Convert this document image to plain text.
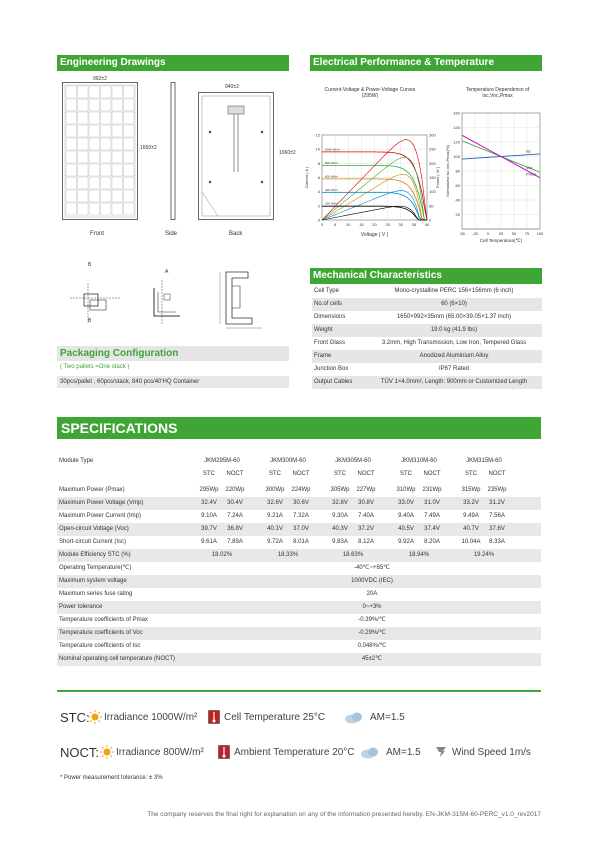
Engineering Drawings
992±2
1650±2
Front	Side
940±2
1060±2
Back
B
B
A
Electrical Performance & Temperature Dependence
Current-Voltage & Power-Voltage Curves (295W)
0	5 10 15 20 25 30 35 40
0
2
4
6
8
10
12
0
50
100
150
200
250
300
1000 W/m²
800 W/m²
600 W/m²
400 W/m²
200 W/m²
Voltage ( V )
Current ( A )	Power ( W )
Temperature Dependence of Isc,Voc,Pmax
-50 -25 0 25 50 75 100
20
40
60
80
100
120
140
160
Isc
Voc
Pmax
Cell Temperature(℃)
Normalized Isc,Voc,Pmax(%)
Mechanical Characteristics
Cell Type	Mono-crystalline PERC 156×156mm (6 inch)
No.of cells	60 (6×10)
Dimensions	1650×992×35mm (65.00×39.05×1.37 inch)
Weight	19.0 kg (41.9 lbs)
Front Glass	3.2mm, High Transmission, Low Iron, Tempered Glass
Frame	Anodized Aluminium Alloy
Junction Box	IP67 Rated
Output Cables	TÜV 1×4.0mm², Length: 900mm or Customized Length
Packaging Configuration
( Two pallets =One stack )
30pcs/pallet , 60pcs/stack, 840 pcs/40'HQ Container
SPECIFICATIONS
Module Type	JKM295M-60	JKM300M-60	JKM305M-60	JKM310M-60	JKM315M-60
STC	NOCT	STC	NOCT	STC	NOCT	STC	NOCT	STC	NOCT
Maximum Power (Pmax)	295Wp	220Wp	300Wp	224Wp	305Wp	227Wp	310Wp	231Wp	315Wp	235Wp
Maximum Power Voltage (Vmp)	32.4V	30.4V	32.6V	30.6V	32.8V	30.8V	33.0V	31.0V	33.2V	31.2V
Maximum Power Current (Imp)	9.10A	7.24A	9.21A	7.32A	9.30A	7.40A	9.40A	7.49A	9.49A	7.56A
Open-circuit Voltage (Voc)	39.7V	36.8V	40.1V	37.0V	40.3V	37.2V	40.5V	37.4V	40.7V	37.6V
Short-circuit Current (Isc)	9.61A	7.89A	9.72A	8.01A	9.83A	8.12A	9.92A	8.20A	10.04A	8.33A
Module Efficiency STC (%)	18.02%	18.33%	18.63%	18.94%	19.24%
Operating Temperature(℃)	-40℃~+85℃
Maximum system voltage	1000VDC (IEC)
Maximum series fuse rating	20A
Power tolerance	0~+3%
Temperature coefficients of Pmax	-0.39%/℃
Temperature coefficients of Voc	-0.29%/℃
Temperature coefficients of Isc	0.048%/℃
Nominal operating cell temperature (NOCT)	45±2℃
STC: Irradiance 1000W/m²	Cell Temperature 25°C	AM=1.5
NOCT: Irradiance 800W/m²	Ambient Temperature 20°C	AM=1.5	Wind Speed 1m/s
* Power measurement tolerance: ± 3%
The company reserves the final right for explanation on any of the information presented hereby. EN-JKM-315M-60-PERC_v1.0_rev2017
